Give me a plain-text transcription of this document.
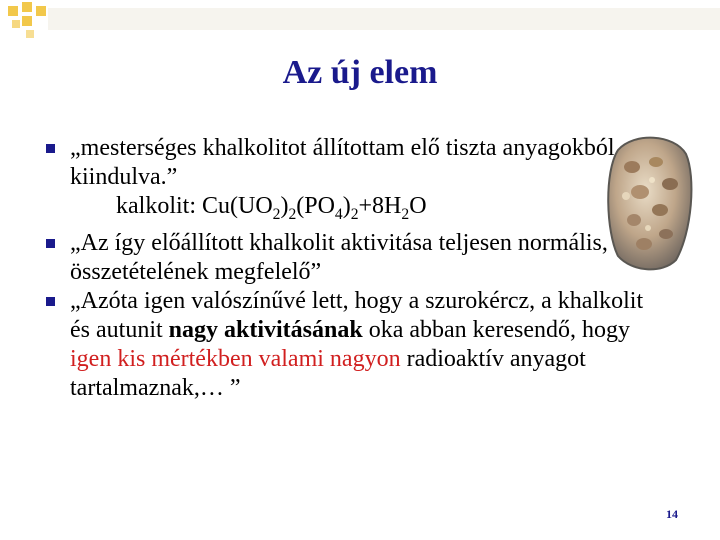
Az új elem
„mesterséges khalkolitot állítottam elő tiszta anyagokból kiindulva.”
kalkolit: $Cu(UO_2)_2(PO_4)_2+8H_2O$
„Az így előállított khalkolit aktivitása teljesen normális, összetételének megfelelő”
„Azóta igen valószínűvé lett, hogy a szurokércz, a khalkolit és autunit nagy aktivitásának oka abban keresendő, hogy igen kis mértékben valami nagyon radioaktív anyagot tartalmaznak,… ”
14
